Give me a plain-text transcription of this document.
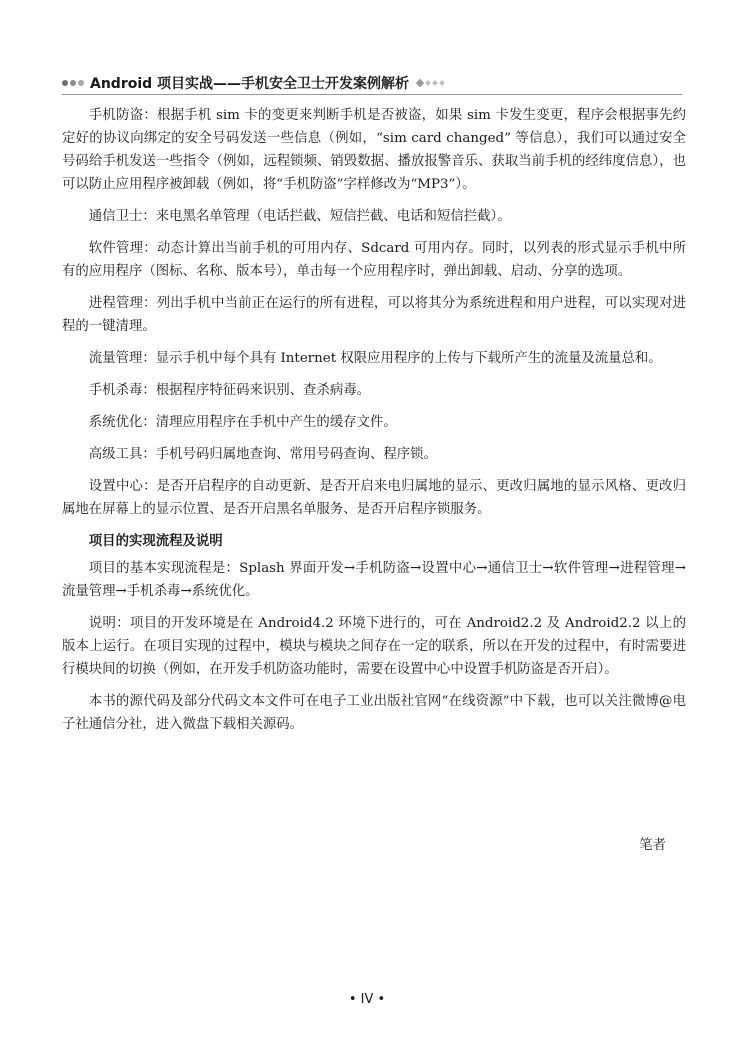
Android 项目实战——手机安全卫士开发案例解析

手机防盗：根据手机 sim 卡的变更来判断手机是否被盗，如果 sim 卡发生变更，程序会根据事先约定好的协议向绑定的安全号码发送一些信息（例如，“sim card changed” 等信息），我们可以通过安全号码给手机发送一些指令（例如，远程锁频、销毁数据、播放报警音乐、获取当前手机的经纬度信息），也可以防止应用程序被卸载（例如，将“手机防盗”字样修改为“MP3”）。

通信卫士：来电黑名单管理（电话拦截、短信拦截、电话和短信拦截）。

软件管理：动态计算出当前手机的可用内存、Sdcard 可用内存。同时，以列表的形式显示手机中所有的应用程序（图标、名称、版本号），单击每一个应用程序时，弹出卸载、启动、分享的选项。

进程管理：列出手机中当前正在运行的所有进程，可以将其分为系统进程和用户进程，可以实现对进程的一键清理。

流量管理：显示手机中每个具有 Internet 权限应用程序的上传与下载所产生的流量及流量总和。

手机杀毒：根据程序特征码来识别、查杀病毒。

系统优化：清理应用程序在手机中产生的缓存文件。

高级工具：手机号码归属地查询、常用号码查询、程序锁。

设置中心：是否开启程序的自动更新、是否开启来电归属地的显示、更改归属地的显示风格、更改归属地在屏幕上的显示位置、是否开启黑名单服务、是否开启程序锁服务。

项目的实现流程及说明

项目的基本实现流程是：Splash 界面开发→手机防盗→设置中心→通信卫士→软件管理→进程管理→流量管理→手机杀毒→系统优化。

说明：项目的开发环境是在 Android4.2 环境下进行的，可在 Android2.2 及 Android2.2 以上的版本上运行。在项目实现的过程中，模块与模块之间存在一定的联系，所以在开发的过程中，有时需要进行模块间的切换（例如，在开发手机防盗功能时，需要在设置中心中设置手机防盗是否开启）。

本书的源代码及部分代码文本文件可在电子工业出版社官网“在线资源”中下载，也可以关注微博@电子社通信分社，进入微盘下载相关源码。

笔者
• IV •
